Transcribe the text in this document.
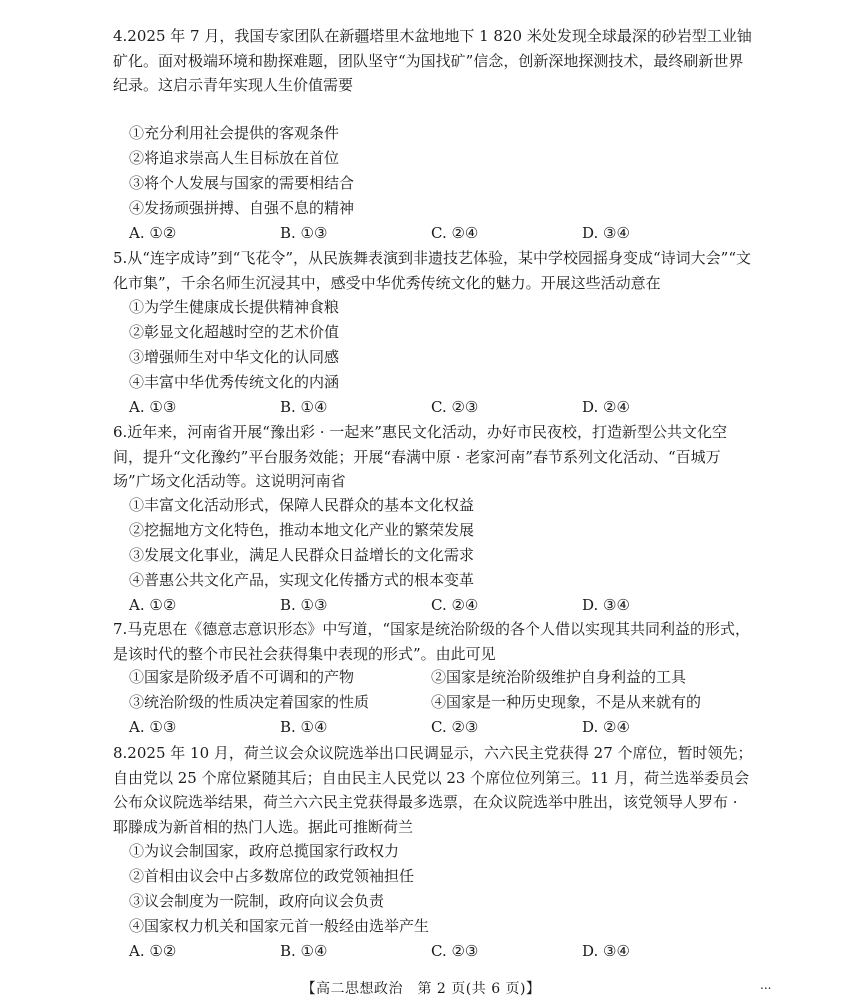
4.2025 年 7 月，我国专家团队在新疆塔里木盆地地下 1 820 米处发现全球最深的砂岩型工业铀矿化。面对极端环境和勘探难题，团队坚守“为国找矿”信念，创新深地探测技术，最终刷新世界纪录。这启示青年实现人生价值需要

①充分利用社会提供的客观条件
②将追求崇高人生目标放在首位
③将个人发展与国家的需要相结合
④发扬顽强拼搏、自强不息的精神
A. ①②	B. ①③	C. ②④	D. ③④

5.从“连字成诗”到“飞花令”，从民族舞表演到非遗技艺体验，某中学校园摇身变成“诗词大会”“文化市集”，千余名师生沉浸其中，感受中华优秀传统文化的魅力。开展这些活动意在

①为学生健康成长提供精神食粮
②彰显文化超越时空的艺术价值
③增强师生对中华文化的认同感
④丰富中华优秀传统文化的内涵
A. ①③	B. ①④	C. ②③	D. ②④

6.近年来，河南省开展“豫出彩 · 一起来”惠民文化活动，办好市民夜校，打造新型公共文化空间，提升“文化豫约”平台服务效能；开展“春满中原 · 老家河南”春节系列文化活动、“百城万场”广场文化活动等。这说明河南省

①丰富文化活动形式，保障人民群众的基本文化权益
②挖掘地方文化特色，推动本地文化产业的繁荣发展
③发展文化事业，满足人民群众日益增长的文化需求
④普惠公共文化产品，实现文化传播方式的根本变革
A. ①②	B. ①③	C. ②④	D. ③④

7.马克思在《德意志意识形态》中写道，“国家是统治阶级的各个人借以实现其共同利益的形式，是该时代的整个市民社会获得集中表现的形式”。由此可见

①国家是阶级矛盾不可调和的产物	②国家是统治阶级维护自身利益的工具
③统治阶级的性质决定着国家的性质	④国家是一种历史现象，不是从来就有的
A. ①③	B. ①④	C. ②③	D. ②④

8.2025 年 10 月，荷兰议会众议院选举出口民调显示，六六民主党获得 27 个席位，暂时领先；自由党以 25 个席位紧随其后；自由民主人民党以 23 个席位位列第三。11 月，荷兰选举委员会公布众议院选举结果，荷兰六六民主党获得最多选票，在众议院选举中胜出，该党领导人罗布 · 耶滕成为新首相的热门人选。据此可推断荷兰

①为议会制国家，政府总揽国家行政权力
②首相由议会中占多数席位的政党领袖担任
③议会制度为一院制，政府向议会负责
④国家权力机关和国家元首一般经由选举产生
A. ①②	B. ①④	C. ②③	D. ③④
【高二思想政治　第 2 页(共 6 页)】	...
